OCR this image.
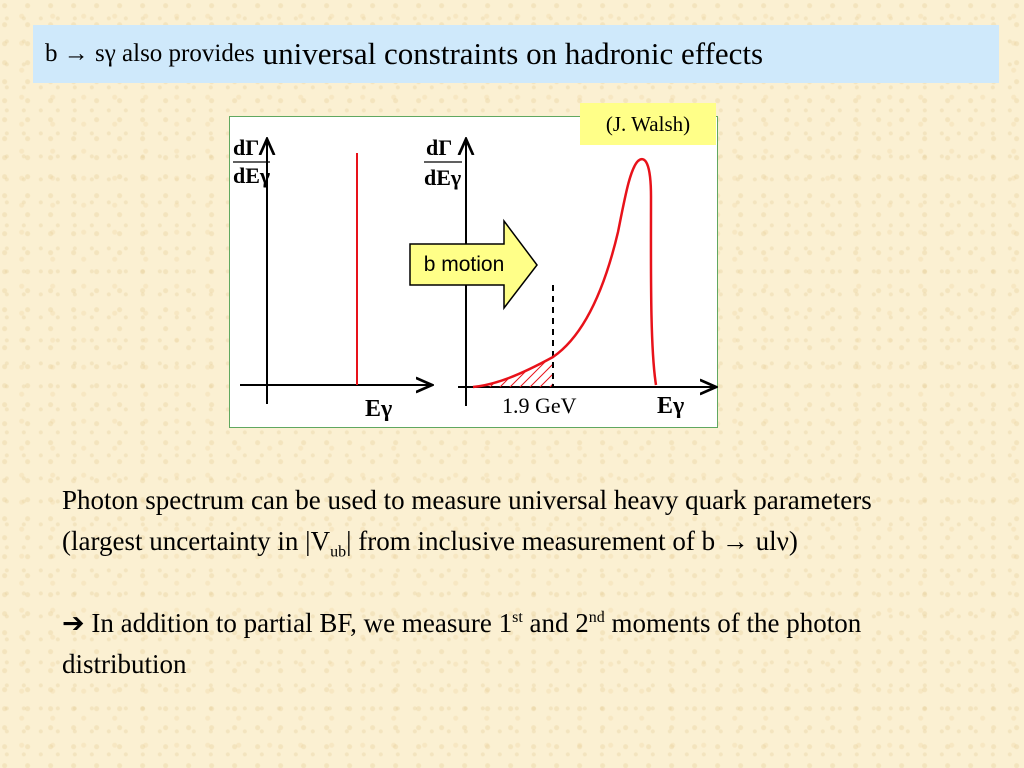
b → sγ also provides universal constraints on hadronic effects
dΓ
dEγ
Eγ
dΓ
dEγ
1.9 GeV	Eγ
(J. Walsh)
b motion

Photon spectrum can be used to measure universal heavy quark parameters (largest uncertainty in $|V_{ub}|$ from inclusive measurement of b → ulν)

➔ In addition to partial BF, we measure 1st and 2nd moments of the photon distribution
